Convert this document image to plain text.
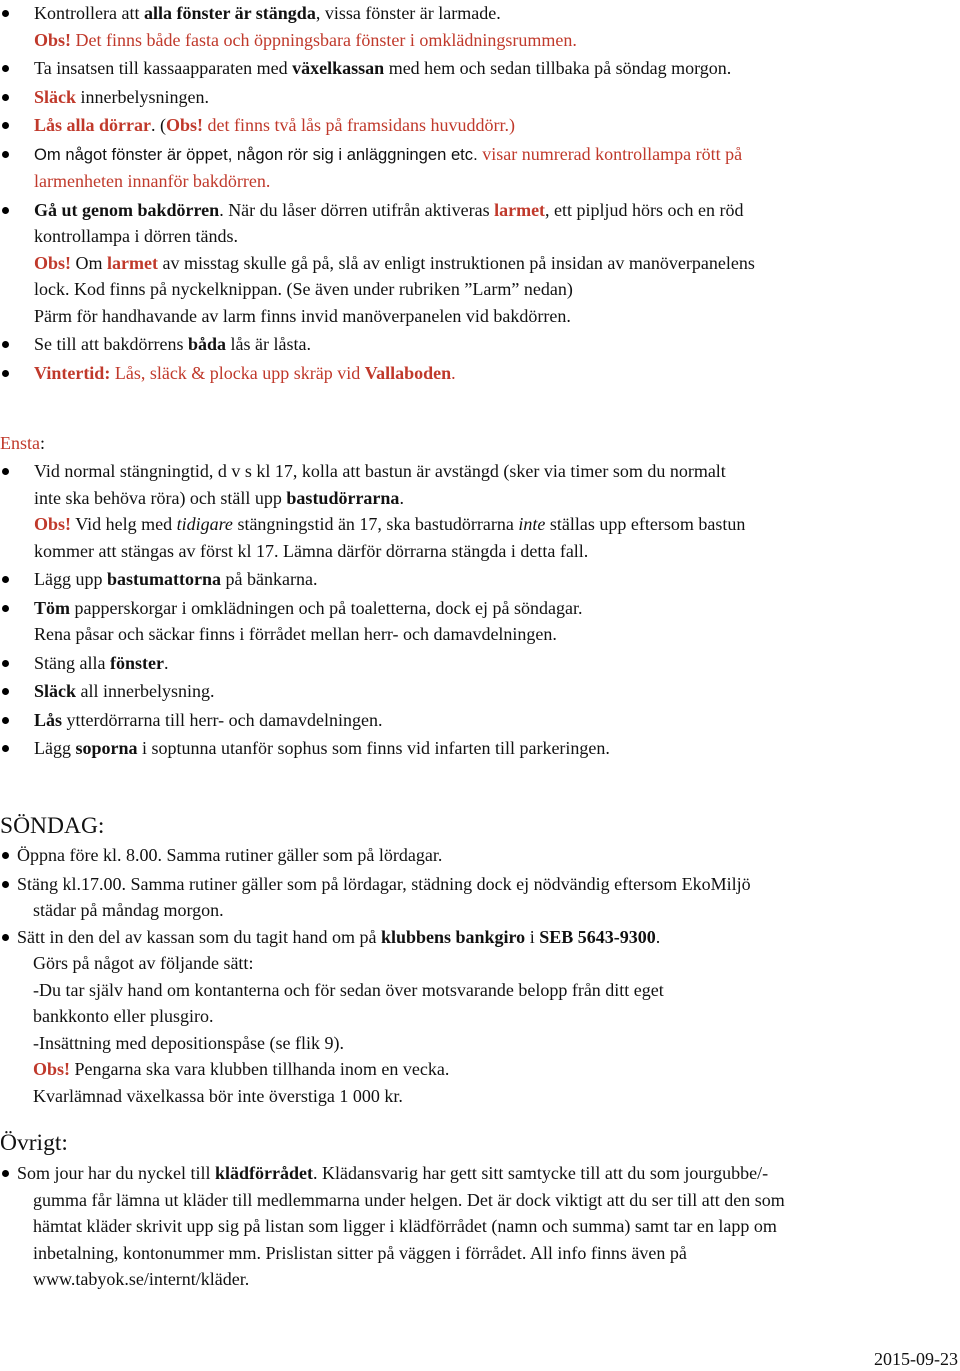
Kontrollera att alla fönster är stängda, vissa fönster är larmade.
Obs! Det finns både fasta och öppningsbara fönster i omklädningsrummen.
Ta insatsen till kassaapparaten med växelkassan med hem och sedan tillbaka på söndag morgon.
Släck innerbelysningen.
Lås alla dörrar. (Obs! det finns två lås på framsidans huvuddörr.)
Om något fönster är öppet, någon rör sig i anläggningen etc. visar numrerad kontrollampa rött på
larmenheten innanför bakdörren.
Gå ut genom bakdörren. När du låser dörren utifrån aktiveras larmet, ett pipljud hörs och en röd
kontrollampa i dörren tänds.
Obs! Om larmet av misstag skulle gå på, slå av enligt instruktionen på insidan av manöverpanelens
lock. Kod finns på nyckelknippan. (Se även under rubriken ”Larm” nedan)
Pärm för handhavande av larm finns invid manöverpanelen vid bakdörren.
Se till att bakdörrens båda lås är låsta.
Vintertid: Lås, släck & plocka upp skräp vid Vallaboden.
Ensta:
Vid normal stängningtid, d v s kl 17, kolla att bastun är avstängd (sker via timer som du normalt
inte ska behöva röra) och ställ upp bastudörrarna.
Obs! Vid helg med tidigare stängningstid än 17, ska bastudörrarna inte ställas upp eftersom bastun
kommer att stängas av först kl 17. Lämna därför dörrarna stängda i detta fall.
Lägg upp bastumattorna på bänkarna.
Töm papperskorgar i omklädningen och på toaletterna, dock ej på söndagar.
Rena påsar och säckar finns i förrådet mellan herr- och damavdelningen.
Stäng alla fönster.
Släck all innerbelysning.
Lås ytterdörrarna till herr- och damavdelningen.
Lägg soporna i soptunna utanför sophus som finns vid infarten till parkeringen.
SÖNDAG:
Öppna före kl. 8.00. Samma rutiner gäller som på lördagar.
Stäng kl.17.00. Samma rutiner gäller som på lördagar, städning dock ej nödvändig eftersom EkoMiljö
städar på måndag morgon.
Sätt in den del av kassan som du tagit hand om på klubbens bankgiro i SEB 5643-9300.
Görs på något av följande sätt:
-Du tar själv hand om kontanterna och för sedan över motsvarande belopp från ditt eget
bankkonto eller plusgiro.
-Insättning med depositionspåse (se flik 9).
Obs! Pengarna ska vara klubben tillhanda inom en vecka.
Kvarlämnad växelkassa bör inte överstiga 1 000 kr.
Övrigt:
Som jour har du nyckel till klädförrådet. Klädansvarig har gett sitt samtycke till att du som jourgubbe/-
gumma får lämna ut kläder till medlemmarna under helgen. Det är dock viktigt att du ser till att den som
hämtat kläder skrivit upp sig på listan som ligger i klädförrådet (namn och summa) samt tar en lapp om
inbetalning, kontonummer mm. Prislistan sitter på väggen i förrådet. All info finns även på
www.tabyok.se/internt/kläder.
2015-09-23
